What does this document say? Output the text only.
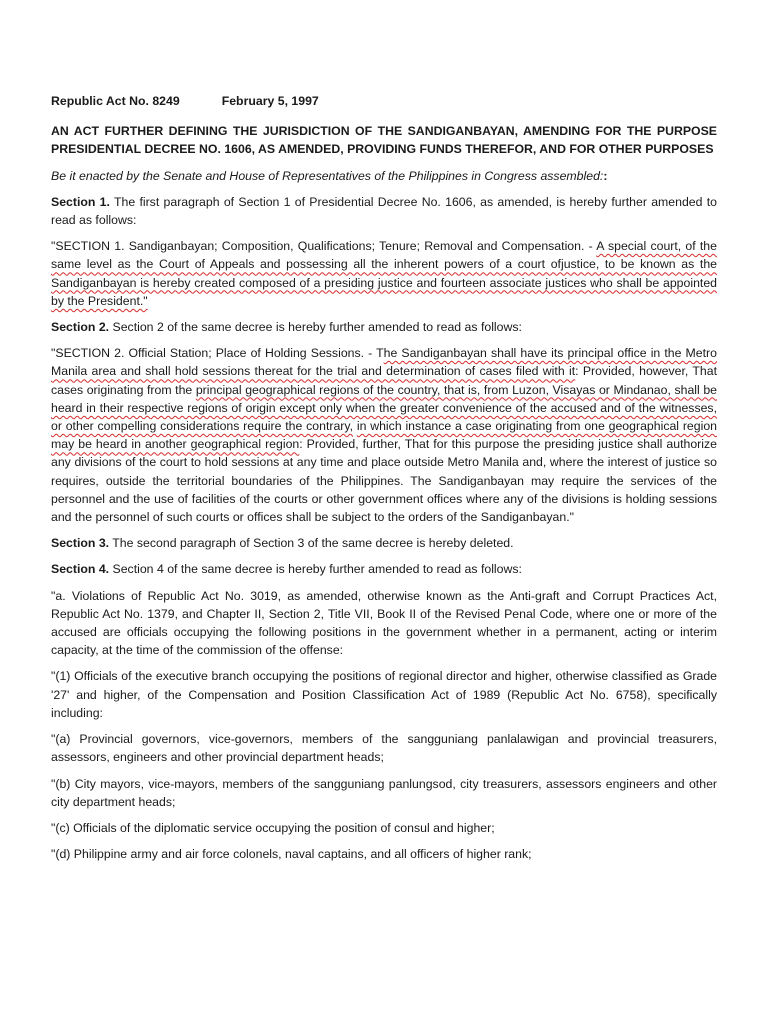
Republic Act No. 8249	February 5, 1997
AN ACT FURTHER DEFINING THE JURISDICTION OF THE SANDIGANBAYAN, AMENDING FOR THE PURPOSE PRESIDENTIAL DECREE NO. 1606, AS AMENDED, PROVIDING FUNDS THEREFOR, AND FOR OTHER PURPOSES
Be it enacted by the Senate and House of Representatives of the Philippines in Congress assembled::
Section 1. The first paragraph of Section 1 of Presidential Decree No. 1606, as amended, is hereby further amended to read as follows:
"SECTION 1. Sandiganbayan; Composition, Qualifications; Tenure; Removal and Compensation. - A special court, of the same level as the Court of Appeals and possessing all the inherent powers of a court ofjustice, to be known as the Sandiganbayan is hereby created composed of a presiding justice and fourteen associate justices who shall be appointed by the President."
Section 2. Section 2 of the same decree is hereby further amended to read as follows:
"SECTION 2. Official Station; Place of Holding Sessions. - The Sandiganbayan shall have its principal office in the Metro Manila area and shall hold sessions thereat for the trial and determination of cases filed with it: Provided, however, That cases originating from the principal geographical regions of the country, that is, from Luzon, Visayas or Mindanao, shall be heard in their respective regions of origin except only when the greater convenience of the accused and of the witnesses, or other compelling considerations require the contrary, in which instance a case originating from one geographical region may be heard in another geographical region: Provided, further, That for this purpose the presiding justice shall authorize any divisions of the court to hold sessions at any time and place outside Metro Manila and, where the interest of justice so requires, outside the territorial boundaries of the Philippines. The Sandiganbayan may require the services of the personnel and the use of facilities of the courts or other government offices where any of the divisions is holding sessions and the personnel of such courts or offices shall be subject to the orders of the Sandiganbayan."
Section 3. The second paragraph of Section 3 of the same decree is hereby deleted.
Section 4. Section 4 of the same decree is hereby further amended to read as follows:
"a. Violations of Republic Act No. 3019, as amended, otherwise known as the Anti-graft and Corrupt Practices Act, Republic Act No. 1379, and Chapter II, Section 2, Title VII, Book II of the Revised Penal Code, where one or more of the accused are officials occupying the following positions in the government whether in a permanent, acting or interim capacity, at the time of the commission of the offense:
"(1) Officials of the executive branch occupying the positions of regional director and higher, otherwise classified as Grade '27' and higher, of the Compensation and Position Classification Act of 1989 (Republic Act No. 6758), specifically including:
"(a) Provincial governors, vice-governors, members of the sangguniang panlalawigan and provincial treasurers, assessors, engineers and other provincial department heads;
"(b) City mayors, vice-mayors, members of the sangguniang panlungsod, city treasurers, assessors engineers and other city department heads;
"(c) Officials of the diplomatic service occupying the position of consul and higher;
"(d) Philippine army and air force colonels, naval captains, and all officers of higher rank;
